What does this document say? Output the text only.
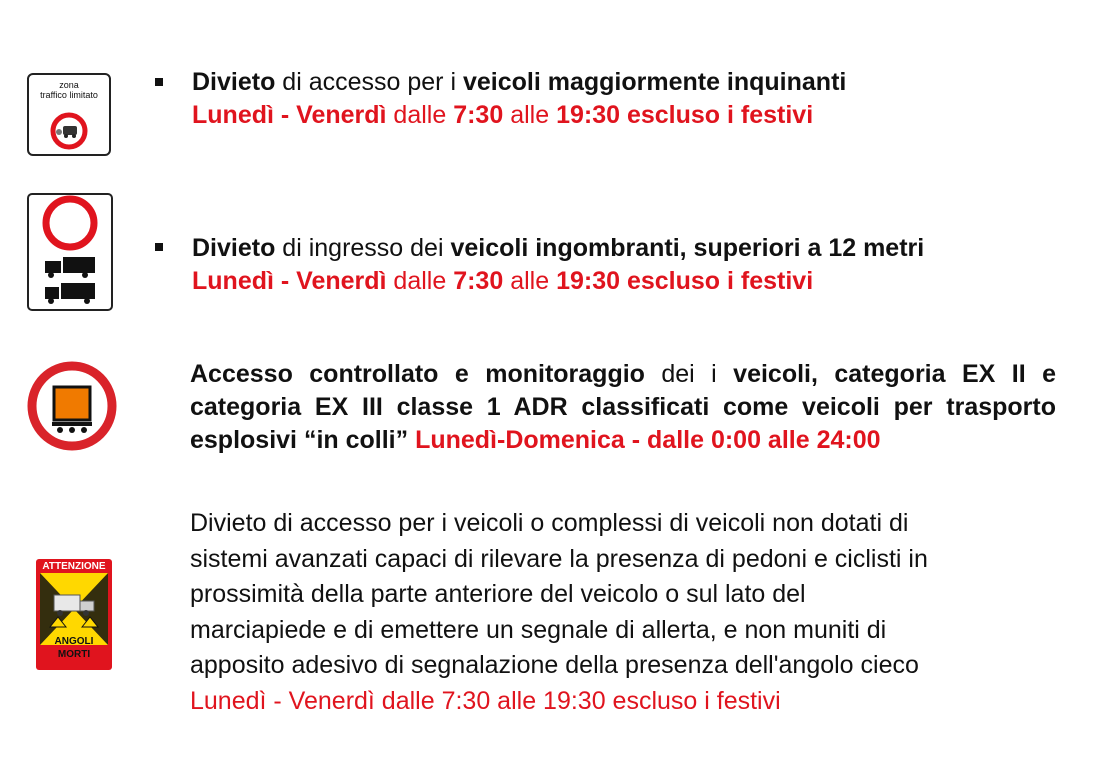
zona
traffico limitato	Divieto di accesso per i veicoli maggiormente inquinanti
Lunedì - Venerdì dalle 7:30 alle 19:30 escluso i festivi
Divieto di ingresso dei veicoli ingombranti, superiori a 12 metri
Lunedì - Venerdì dalle 7:30 alle 19:30 escluso i festivi
Accesso controllato e monitoraggio dei i veicoli, categoria EX II e categoria EX III classe 1 ADR classificati come veicoli per trasporto esplosivi “in colli” Lunedì-Domenica - dalle 0:00 alle 24:00
ATTENZIONE
ANGOLI
MORTI
Divieto di accesso per i veicoli o complessi di veicoli non dotati di
sistemi avanzati capaci di rilevare la presenza di pedoni e ciclisti in
prossimità della parte anteriore del veicolo o sul lato del
marciapiede e di emettere un segnale di allerta, e non muniti di
apposito adesivo di segnalazione della presenza dell'angolo cieco
Lunedì - Venerdì dalle 7:30 alle 19:30 escluso i festivi
